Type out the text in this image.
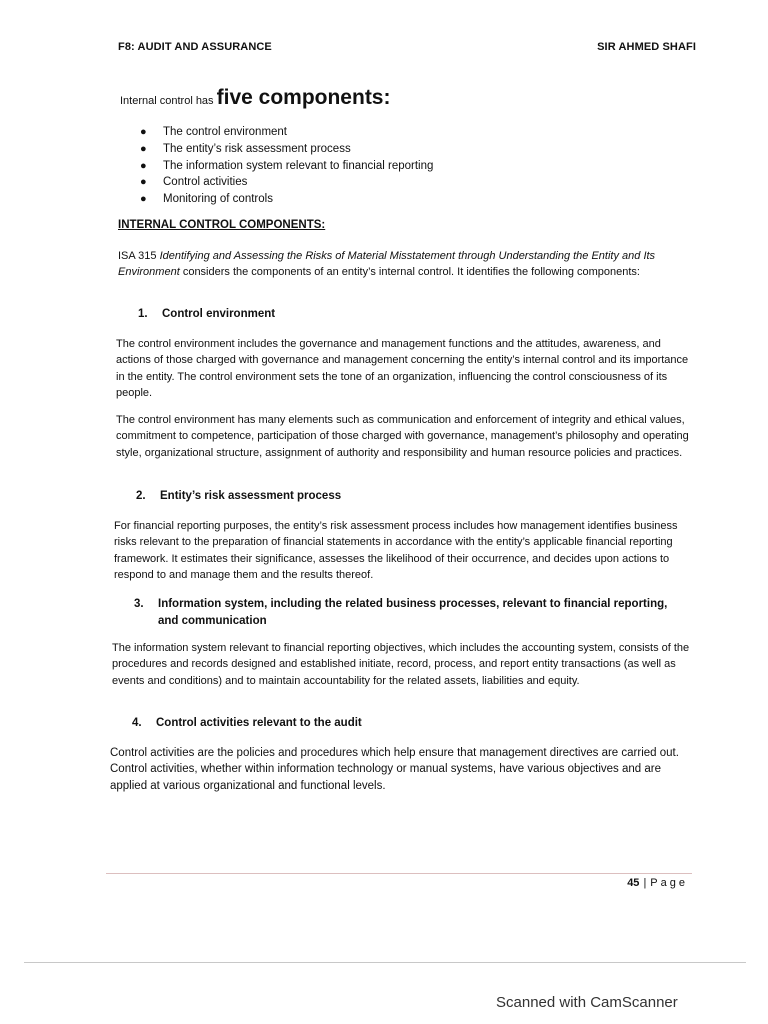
F8: AUDIT AND ASSURANCE	SIR AHMED SHAFI
Internal control has five components:
● The control environment
● The entity’s risk assessment process
● The information system relevant to financial reporting
● Control activities
● Monitoring of controls
INTERNAL CONTROL COMPONENTS:

ISA 315 Identifying and Assessing the Risks of Material Misstatement through Understanding the Entity and Its Environment considers the components of an entity’s internal control. It identifies the following components:

1. Control environment

The control environment includes the governance and management functions and the attitudes, awareness, and actions of those charged with governance and management concerning the entity’s internal control and its importance in the entity. The control environment sets the tone of an organization, influencing the control consciousness of its people.

The control environment has many elements such as communication and enforcement of integrity and ethical values, commitment to competence, participation of those charged with governance, management’s philosophy and operating style, organizational structure, assignment of authority and responsibility and human resource policies and practices.

2. Entity’s risk assessment process

For financial reporting purposes, the entity’s risk assessment process includes how management identifies business risks relevant to the preparation of financial statements in accordance with the entity’s applicable financial reporting framework. It estimates their significance, assesses the likelihood of their occurrence, and decides upon actions to respond to and manage them and the results thereof.

3. Information system, including the related business processes, relevant to financial reporting,
and communication

The information system relevant to financial reporting objectives, which includes the accounting system, consists of the procedures and records designed and established initiate, record, process, and report entity transactions (as well as events and conditions) and to maintain accountability for the related assets, liabilities and equity.

4. Control activities relevant to the audit

Control activities are the policies and procedures which help ensure that management directives are carried out. Control activities, whether within information technology or manual systems, have various objectives and are applied at various organizational and functional levels.

45 | Page
Scanned with CamScanner
